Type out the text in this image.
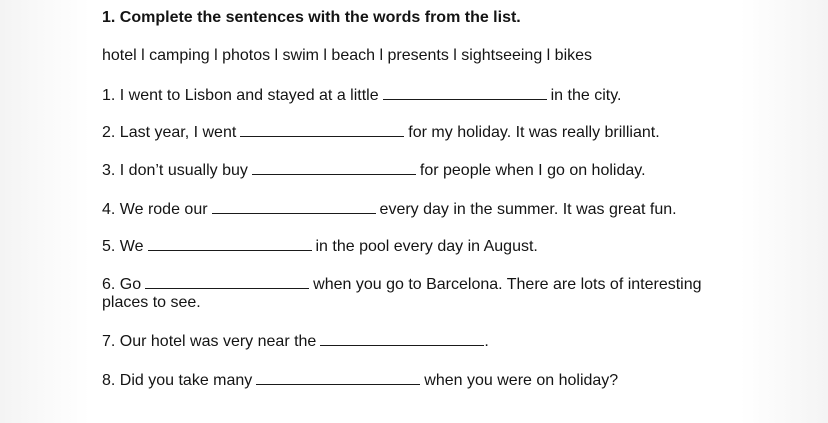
1. Complete the sentences with the words from the list.
hotel l camping l photos l swim l beach l presents l sightseeing l bikes
1. I went to Lisbon and stayed at a little	in the city.
2. Last year, I went	for my holiday. It was really brilliant.
3. I don’t usually buy	for people when I go on holiday.
4. We rode our	every day in the summer. It was great fun.
5. We	in the pool every day in August.
6. Go	when you go to Barcelona. There are lots of interesting
places to see.
7. Our hotel was very near the	.
8. Did you take many	when you were on holiday?
